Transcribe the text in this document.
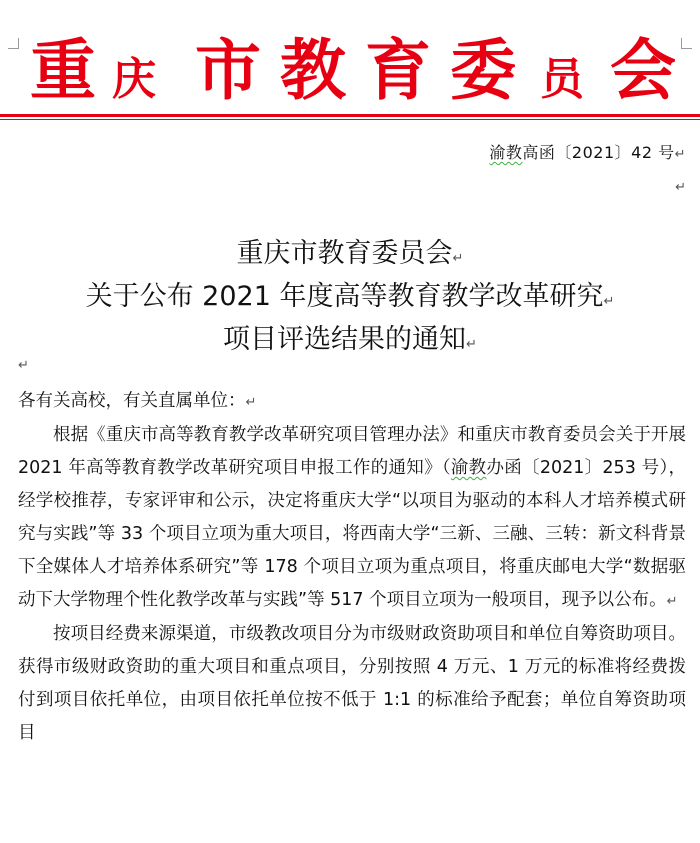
重 庆 市 教 育 委 员 会
渝教高函〔2021〕42 号↵
↵
重庆市教育委员会↵
关于公布 2021 年度高等教育教学改革研究↵
项目评选结果的通知↵
↵
各有关高校，有关直属单位：↵
根据《重庆市高等教育教学改革研究项目管理办法》和重庆市教育委员会关于开展 2021 年高等教育教学改革研究项目申报工作的通知》（渝教办函〔2021〕253 号），经学校推荐，专家评审和公示，决定将重庆大学“以项目为驱动的本科人才培养模式研究与实践”等 33 个项目立项为重大项目，将西南大学“三新、三融、三转：新文科背景下全媒体人才培养体系研究”等 178 个项目立项为重点项目，将重庆邮电大学“数据驱动下大学物理个性化教学改革与实践”等 517 个项目立项为一般项目，现予以公布。↵
按项目经费来源渠道，市级教改项目分为市级财政资助项目和单位自筹资助项目。获得市级财政资助的重大项目和重点项目，分别按照 4 万元、1 万元的标准将经费拨付到项目依托单位，由项目依托单位按不低于 1:1 的标准给予配套；单位自筹资助项目
